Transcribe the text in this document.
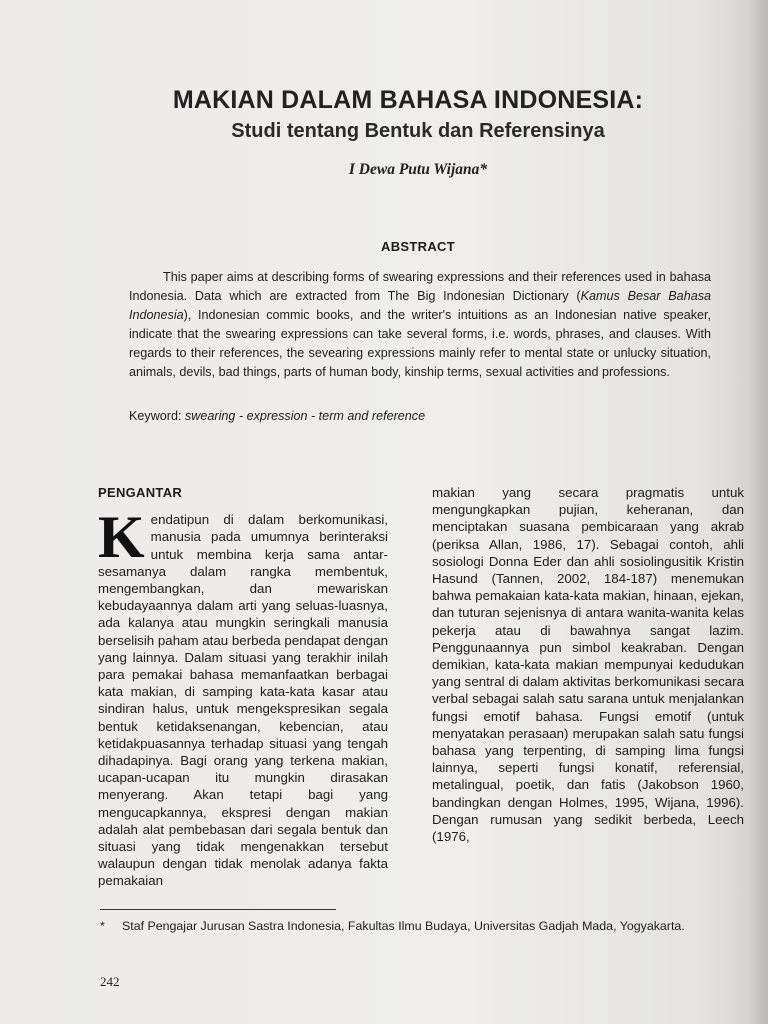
MAKIAN DALAM BAHASA INDONESIA:
Studi tentang Bentuk dan Referensinya
I Dewa Putu Wijana*
ABSTRACT

This paper aims at describing forms of swearing expressions and their references used in bahasa Indonesia. Data which are extracted from The Big Indonesian Dictionary (Kamus Besar Bahasa Indonesia), Indonesian commic books, and the writer's intuitions as an Indonesian native speaker, indicate that the swearing expressions can take several forms, i.e. words, phrases, and clauses. With regards to their references, the sevearing expressions mainly refer to mental state or unlucky situation, animals, devils, bad things, parts of human body, kinship terms, sexual activities and professions.

Keyword: swearing - expression - term and reference
PENGANTAR

Kendatipun di dalam berkomunikasi, manusia pada umumnya berinteraksi untuk membina kerja sama antar-sesamanya dalam rangka membentuk, mengembangkan, dan mewariskan kebudayaannya dalam arti yang seluas-luasnya, ada kalanya atau mungkin seringkali manusia berselisih paham atau berbeda pendapat dengan yang lainnya. Dalam situasi yang terakhir inilah para pemakai bahasa memanfaatkan berbagai kata makian, di samping kata-kata kasar atau sindiran halus, untuk mengekspresikan segala bentuk ketidaksenangan, kebencian, atau ketidakpuasannya terhadap situasi yang tengah dihadapinya. Bagi orang yang terkena makian, ucapan-ucapan itu mungkin dirasakan menyerang. Akan tetapi bagi yang mengucapkannya, ekspresi dengan makian adalah alat pembebasan dari segala bentuk dan situasi yang tidak mengenakkan tersebut walaupun dengan tidak menolak adanya fakta pemakaian

makian yang secara pragmatis untuk mengungkapkan pujian, keheranan, dan menciptakan suasana pembicaraan yang akrab (periksa Allan, 1986, 17). Sebagai contoh, ahli sosiologi Donna Eder dan ahli sosiolingusitik Kristin Hasund (Tannen, 2002, 184-187) menemukan bahwa pemakaian kata-kata makian, hinaan, ejekan, dan tuturan sejenisnya di antara wanita-wanita kelas pekerja atau di bawahnya sangat lazim. Penggunaannya pun simbol keakraban. Dengan demikian, kata-kata makian mempunyai kedudukan yang sentral di dalam aktivitas berkomunikasi secara verbal sebagai salah satu sarana untuk menjalankan fungsi emotif bahasa. Fungsi emotif (untuk menyatakan perasaan) merupakan salah satu fungsi bahasa yang terpenting, di samping lima fungsi lainnya, seperti fungsi konatif, referensial, metalingual, poetik, dan fatis (Jakobson 1960, bandingkan dengan Holmes, 1995, Wijana, 1996). Dengan rumusan yang sedikit berbeda, Leech (1976,

* Staf Pengajar Jurusan Sastra Indonesia, Fakultas Ilmu Budaya, Universitas Gadjah Mada, Yogyakarta.
242
